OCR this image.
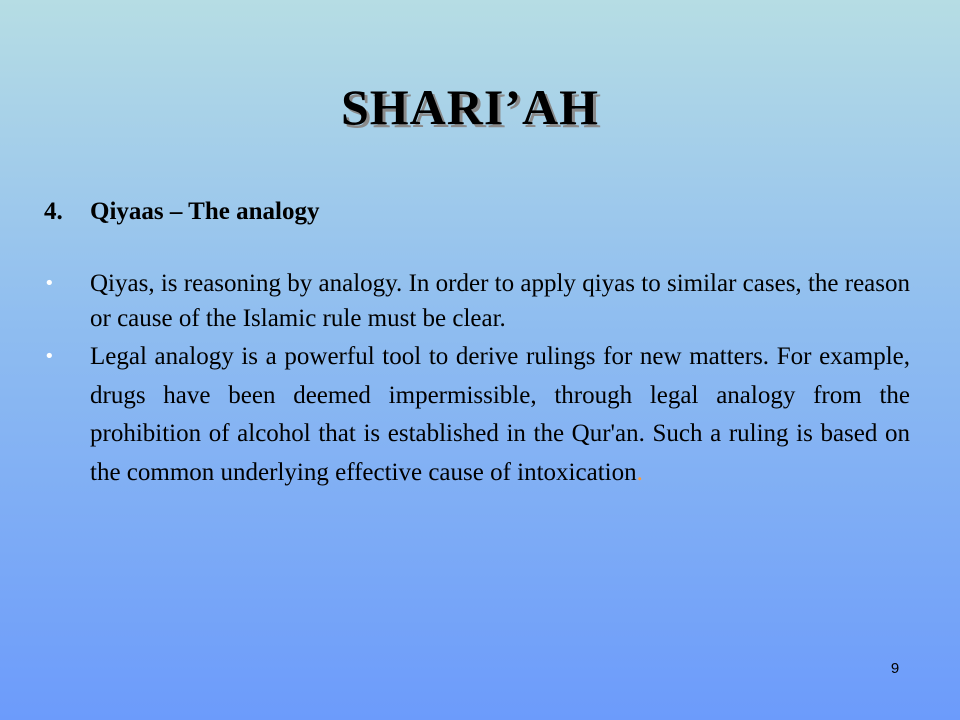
SHARI’AH
4. Qiyaas – The analogy
• Qiyas, is reasoning by analogy. In order to apply qiyas to similar cases, the reason or cause of the Islamic rule must be clear.
• Legal analogy is a powerful tool to derive rulings for new matters. For example, drugs have been deemed impermissible, through legal analogy from the prohibition of alcohol that is established in the Qur'an. Such a ruling is based on the common underlying effective cause of intoxication.
9
